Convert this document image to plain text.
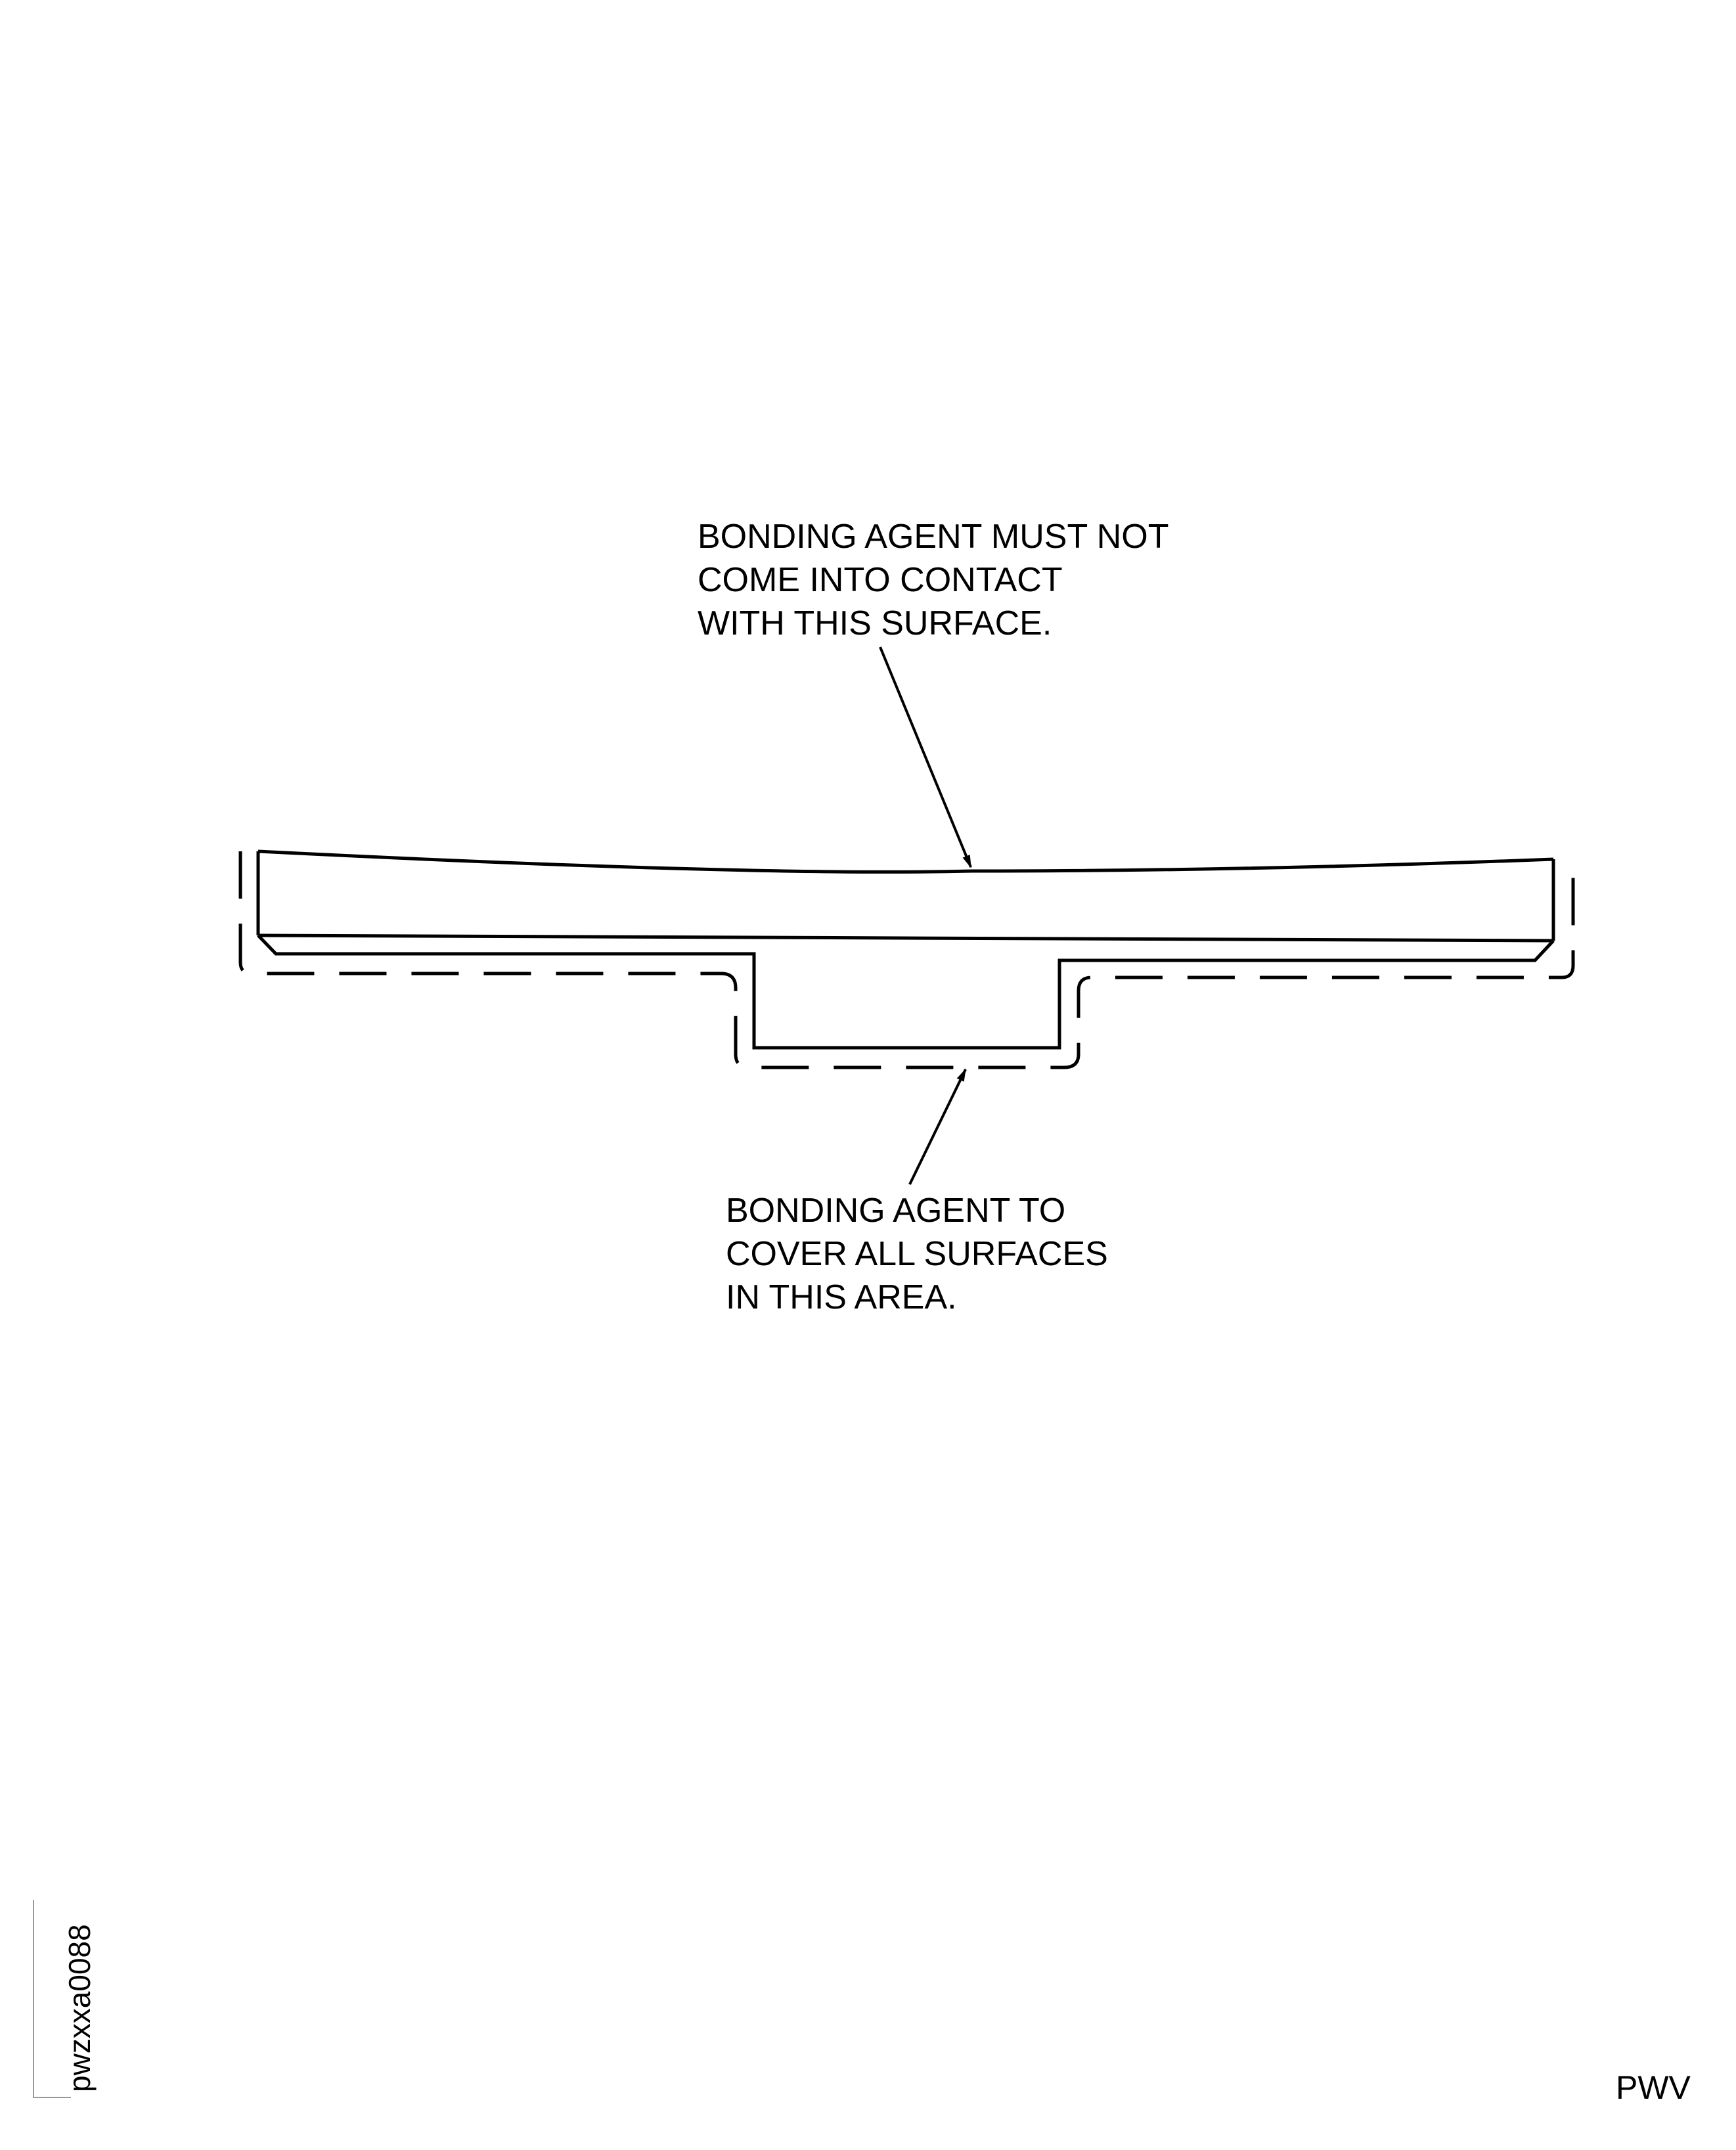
BONDING AGENT MUST NOT
COME INTO CONTACT
WITH THIS SURFACE.
BONDING AGENT TO
COVER ALL SURFACES
IN THIS AREA.
pwzxxa0088	PWV
